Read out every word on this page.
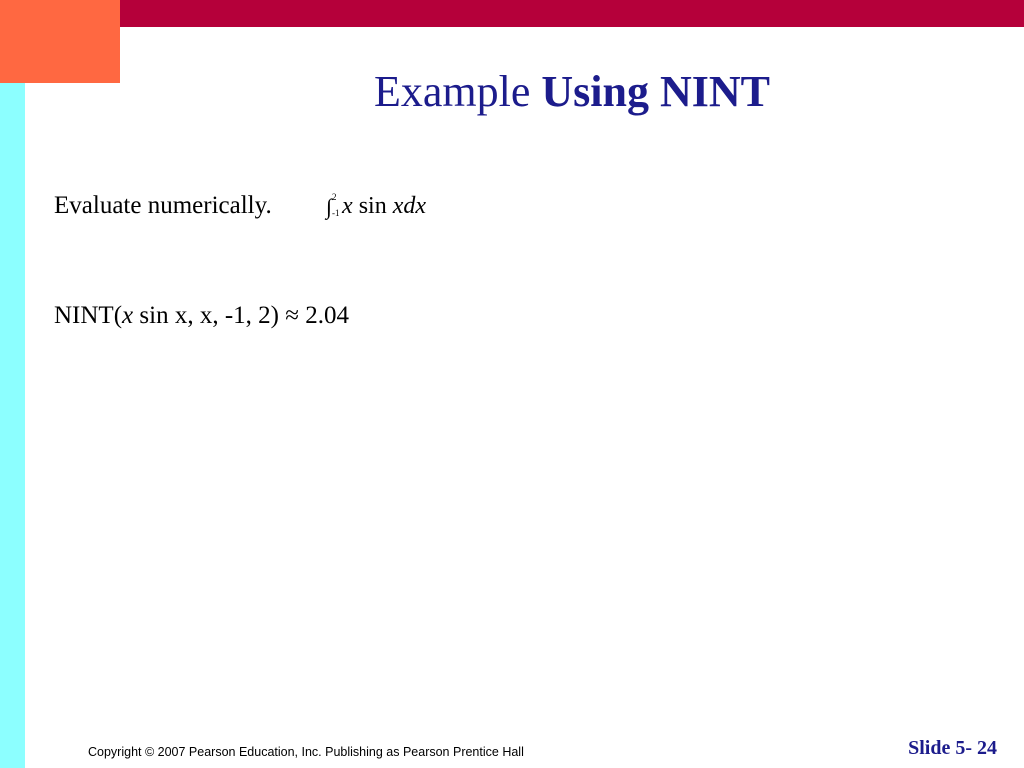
Example Using NINT
Evaluate numerically. ∫ 2
-1 x sin xdx
NINT(x sin x, x, -1, 2) ≈ 2.04
Copyright © 2007 Pearson Education, Inc. Publishing as Pearson Prentice Hall	Slide 5- 24
